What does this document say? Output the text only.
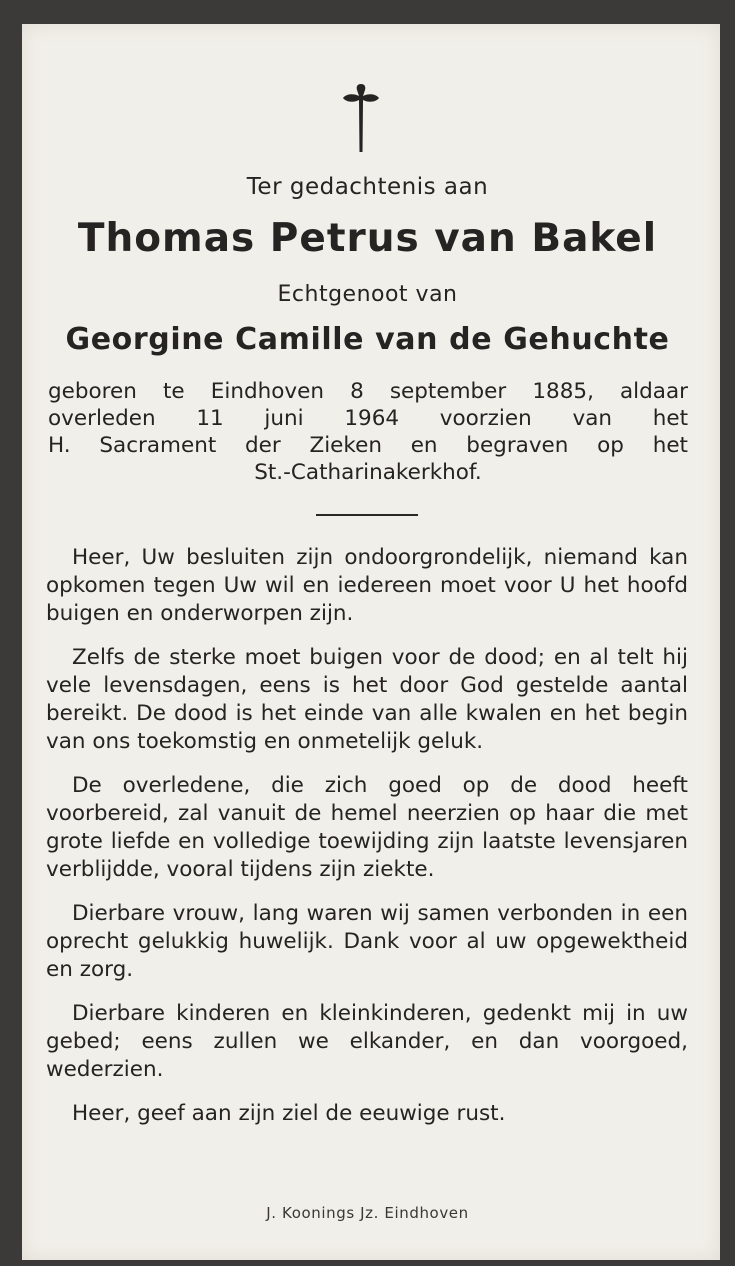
Ter gedachtenis aan
Thomas Petrus van Bakel
Echtgenoot van
Georgine Camille van de Gehuchte
geboren te Eindhoven 8 september 1885, aldaar
overleden 11 juni 1964 voorzien van het
H. Sacrament der Zieken en begraven op het
St.-Catharinakerkhof.

Heer, Uw besluiten zijn ondoorgrondelijk, niemand kan opkomen tegen Uw wil en iedereen moet voor U het hoofd buigen en onderworpen zijn.

Zelfs de sterke moet buigen voor de dood; en al telt hij vele levensdagen, eens is het door God gestelde aantal bereikt. De dood is het einde van alle kwalen en het begin van ons toekomstig en onmetelijk geluk.

De overledene, die zich goed op de dood heeft voorbereid, zal vanuit de hemel neerzien op haar die met grote liefde en volledige toewijding zijn laatste levensjaren verblijdde, vooral tijdens zijn ziekte.

Dierbare vrouw, lang waren wij samen verbonden in een oprecht gelukkig huwelijk. Dank voor al uw opgewektheid en zorg.

Dierbare kinderen en kleinkinderen, gedenkt mij in uw gebed; eens zullen we elkander, en dan voorgoed, wederzien.

Heer, geef aan zijn ziel de eeuwige rust.

J. Koonings Jz. Eindhoven
